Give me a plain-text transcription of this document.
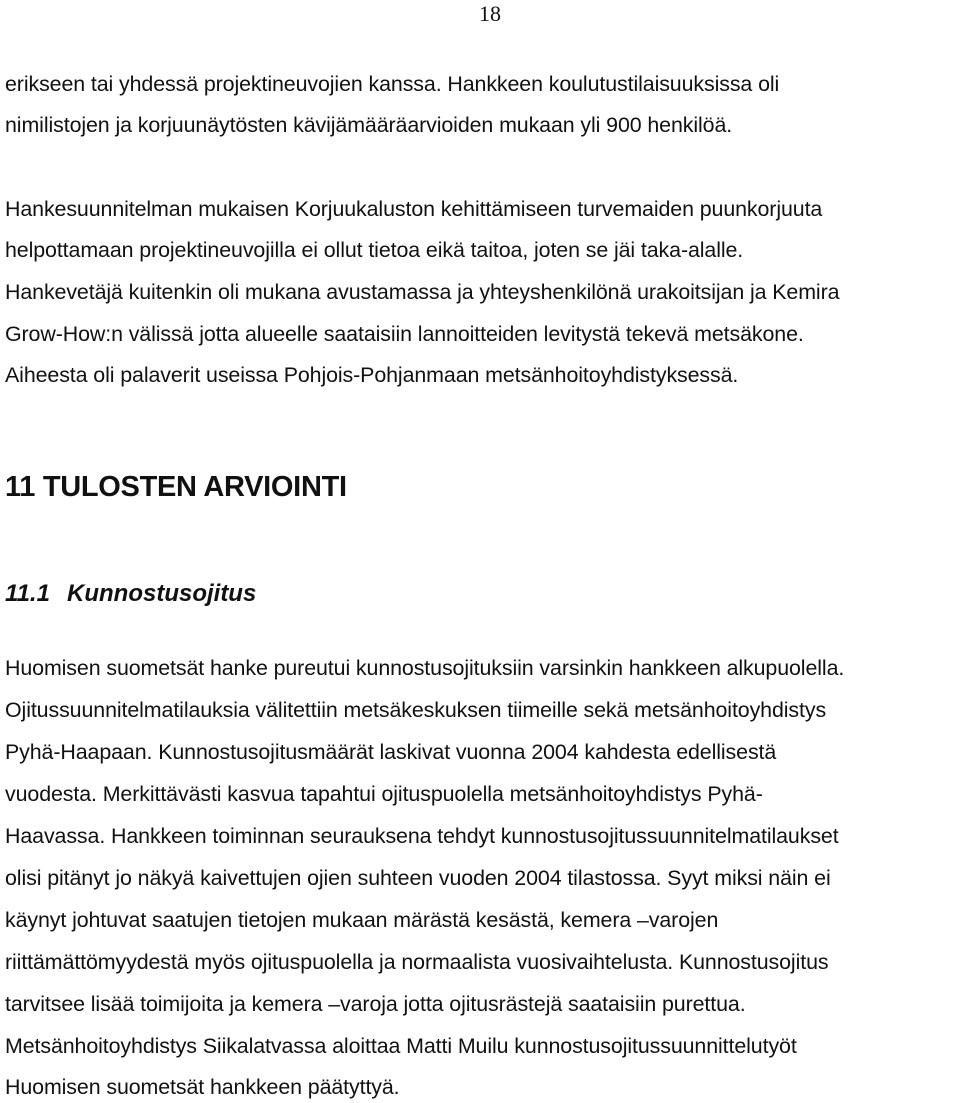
18
erikseen tai yhdessä projektineuvojien kanssa. Hankkeen koulutustilaisuuksissa oli
nimilistojen ja korjuunäytösten kävijämääräarvioiden mukaan yli 900 henkilöä.
Hankesuunnitelman mukaisen Korjuukaluston kehittämiseen turvemaiden puunkorjuuta
helpottamaan projektineuvojilla ei ollut tietoa eikä taitoa, joten se jäi taka-alalle.
Hankevetäjä kuitenkin oli mukana avustamassa ja yhteyshenkilönä urakoitsijan ja Kemira
Grow-How:n välissä jotta alueelle saataisiin lannoitteiden levitystä tekevä metsäkone.
Aiheesta oli palaverit useissa Pohjois-Pohjanmaan metsänhoitoyhdistyksessä.
11 TULOSTEN ARVIOINTI
11.1 Kunnostusojitus
Huomisen suometsät hanke pureutui kunnostusojituksiin varsinkin hankkeen alkupuolella.
Ojitussuunnitelmatilauksia välitettiin metsäkeskuksen tiimeille sekä metsänhoitoyhdistys
Pyhä-Haapaan. Kunnostusojitusmäärät laskivat vuonna 2004 kahdesta edellisestä
vuodesta. Merkittävästi kasvua tapahtui ojituspuolella metsänhoitoyhdistys Pyhä-
Haavassa. Hankkeen toiminnan seurauksena tehdyt kunnostusojitussuunnitelmatilaukset
olisi pitänyt jo näkyä kaivettujen ojien suhteen vuoden 2004 tilastossa. Syyt miksi näin ei
käynyt johtuvat saatujen tietojen mukaan märästä kesästä, kemera –varojen
riittämättömyydestä myös ojituspuolella ja normaalista vuosivaihtelusta. Kunnostusojitus
tarvitsee lisää toimijoita ja kemera –varoja jotta ojitusrästejä saataisiin purettua.
Metsänhoitoyhdistys Siikalatvassa aloittaa Matti Muilu kunnostusojitussuunnittelutyöt
Huomisen suometsät hankkeen päätyttyä.
